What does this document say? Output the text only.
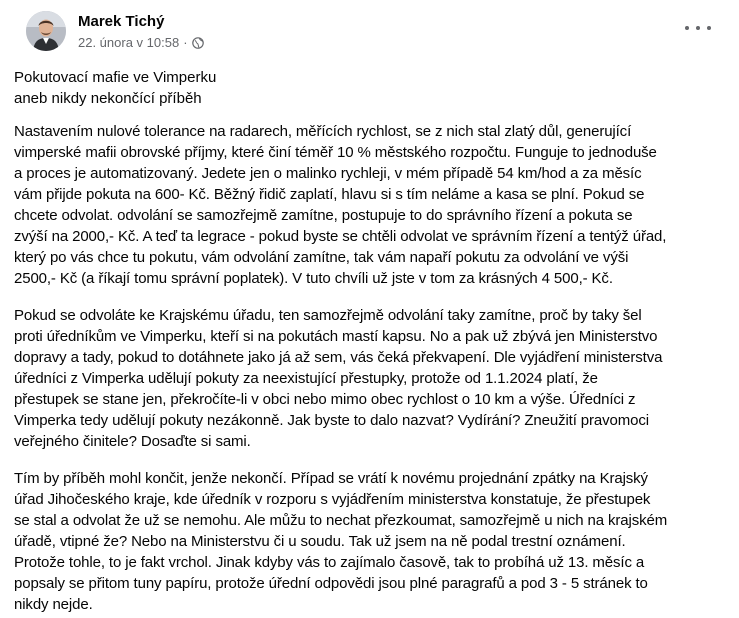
Marek Tichý
22. února v 10:58 ·
Pokutovací mafie ve Vimperku
aneb nikdy nekončící příběh
Nastavením nulové tolerance na radarech, měřících rychlost, se z nich stal zlatý důl, generující
vimperské mafii obrovské příjmy, které činí téměř 10 % městského rozpočtu. Funguje to jednoduše
a proces je automatizovaný. Jedete jen o malinko rychleji, v mém případě 54 km/hod a za měsíc
vám přijde pokuta na 600- Kč. Běžný řidič zaplatí, hlavu si s tím neláme a kasa se plní. Pokud se
chcete odvolat. odvolání se samozřejmě zamítne, postupuje to do správního řízení a pokuta se
zvýší na 2000,- Kč. A teď ta legrace - pokud byste se chtěli odvolat ve správním řízení a tentýž úřad,
který po vás chce tu pokutu, vám odvolání zamítne, tak vám napaří pokutu za odvolání ve výši
2500,- Kč (a říkají tomu správní poplatek). V tuto chvíli už jste v tom za krásných 4 500,- Kč.
Pokud se odvoláte ke Krajskému úřadu, ten samozřejmě odvolání taky zamítne, proč by taky šel
proti úředníkům ve Vimperku, kteří si na pokutách mastí kapsu. No a pak už zbývá jen Ministerstvo
dopravy a tady, pokud to dotáhnete jako já až sem, vás čeká překvapení. Dle vyjádření ministerstva
úředníci z Vimperka udělují pokuty za neexistující přestupky, protože od 1.1.2024 platí, že
přestupek se stane jen, překročíte-li v obci nebo mimo obec rychlost o 10 km a výše. Úředníci z
Vimperka tedy udělují pokuty nezákonně. Jak byste to dalo nazvat? Vydírání? Zneužití pravomoci
veřejného činitele? Dosaďte si sami.
Tím by příběh mohl končit, jenže nekončí. Případ se vrátí k novému projednání zpátky na Krajský
úřad Jihočeského kraje, kde úředník v rozporu s vyjádřením ministerstva konstatuje, že přestupek
se stal a odvolat že už se nemohu. Ale můžu to nechat přezkoumat, samozřejmě u nich na krajském
úřadě, vtipné že? Nebo na Ministerstvu či u soudu. Tak už jsem na ně podal trestní oznámení.
Protože tohle, to je fakt vrchol. Jinak kdyby vás to zajímalo časově, tak to probíhá už 13. měsíc a
popsaly se přitom tuny papíru, protože úřední odpovědi jsou plné paragrafů a pod 3 - 5 stránek to
nikdy nejde.
